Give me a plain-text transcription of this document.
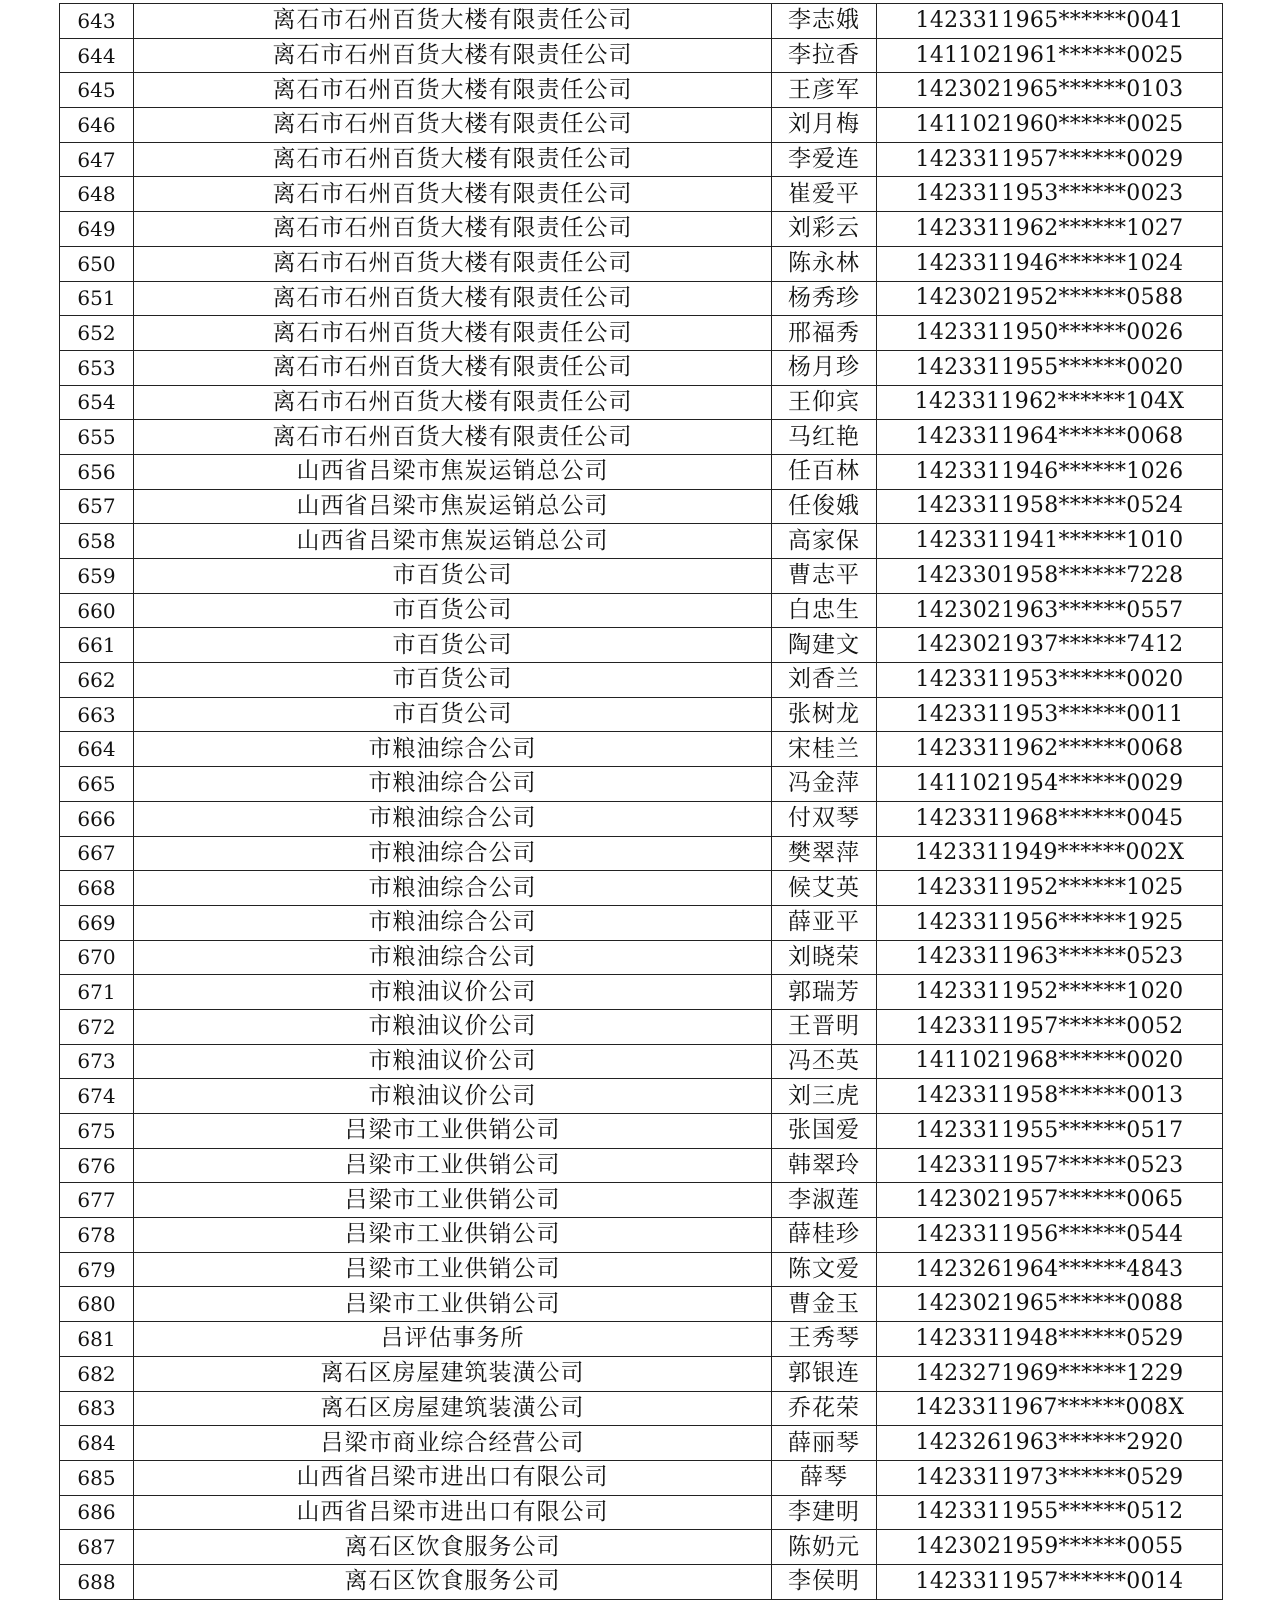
643	离石市石州百货大楼有限责任公司	李志娥	1423311965******0041
644	离石市石州百货大楼有限责任公司	李拉香	1411021961******0025
645	离石市石州百货大楼有限责任公司	王彦军	1423021965******0103
646	离石市石州百货大楼有限责任公司	刘月梅	1411021960******0025
647	离石市石州百货大楼有限责任公司	李爱连	1423311957******0029
648	离石市石州百货大楼有限责任公司	崔爱平	1423311953******0023
649	离石市石州百货大楼有限责任公司	刘彩云	1423311962******1027
650	离石市石州百货大楼有限责任公司	陈永林	1423311946******1024
651	离石市石州百货大楼有限责任公司	杨秀珍	1423021952******0588
652	离石市石州百货大楼有限责任公司	邢福秀	1423311950******0026
653	离石市石州百货大楼有限责任公司	杨月珍	1423311955******0020
654	离石市石州百货大楼有限责任公司	王仰宾	1423311962******104X
655	离石市石州百货大楼有限责任公司	马红艳	1423311964******0068
656	山西省吕梁市焦炭运销总公司	任百林	1423311946******1026
657	山西省吕梁市焦炭运销总公司	任俊娥	1423311958******0524
658	山西省吕梁市焦炭运销总公司	高家保	1423311941******1010
659	市百货公司	曹志平	1423301958******7228
660	市百货公司	白忠生	1423021963******0557
661	市百货公司	陶建文	1423021937******7412
662	市百货公司	刘香兰	1423311953******0020
663	市百货公司	张树龙	1423311953******0011
664	市粮油综合公司	宋桂兰	1423311962******0068
665	市粮油综合公司	冯金萍	1411021954******0029
666	市粮油综合公司	付双琴	1423311968******0045
667	市粮油综合公司	樊翠萍	1423311949******002X
668	市粮油综合公司	候艾英	1423311952******1025
669	市粮油综合公司	薛亚平	1423311956******1925
670	市粮油综合公司	刘晓荣	1423311963******0523
671	市粮油议价公司	郭瑞芳	1423311952******1020
672	市粮油议价公司	王晋明	1423311957******0052
673	市粮油议价公司	冯丕英	1411021968******0020
674	市粮油议价公司	刘三虎	1423311958******0013
675	吕梁市工业供销公司	张国爱	1423311955******0517
676	吕梁市工业供销公司	韩翠玲	1423311957******0523
677	吕梁市工业供销公司	李淑莲	1423021957******0065
678	吕梁市工业供销公司	薛桂珍	1423311956******0544
679	吕梁市工业供销公司	陈文爱	1423261964******4843
680	吕梁市工业供销公司	曹金玉	1423021965******0088
681	吕评估事务所	王秀琴	1423311948******0529
682	离石区房屋建筑装潢公司	郭银连	1423271969******1229
683	离石区房屋建筑装潢公司	乔花荣	1423311967******008X
684	吕梁市商业综合经营公司	薛丽琴	1423261963******2920
685	山西省吕梁市进出口有限公司	薛琴	1423311973******0529
686	山西省吕梁市进出口有限公司	李建明	1423311955******0512
687	离石区饮食服务公司	陈奶元	1423021959******0055
688	离石区饮食服务公司	李侯明	1423311957******0014
